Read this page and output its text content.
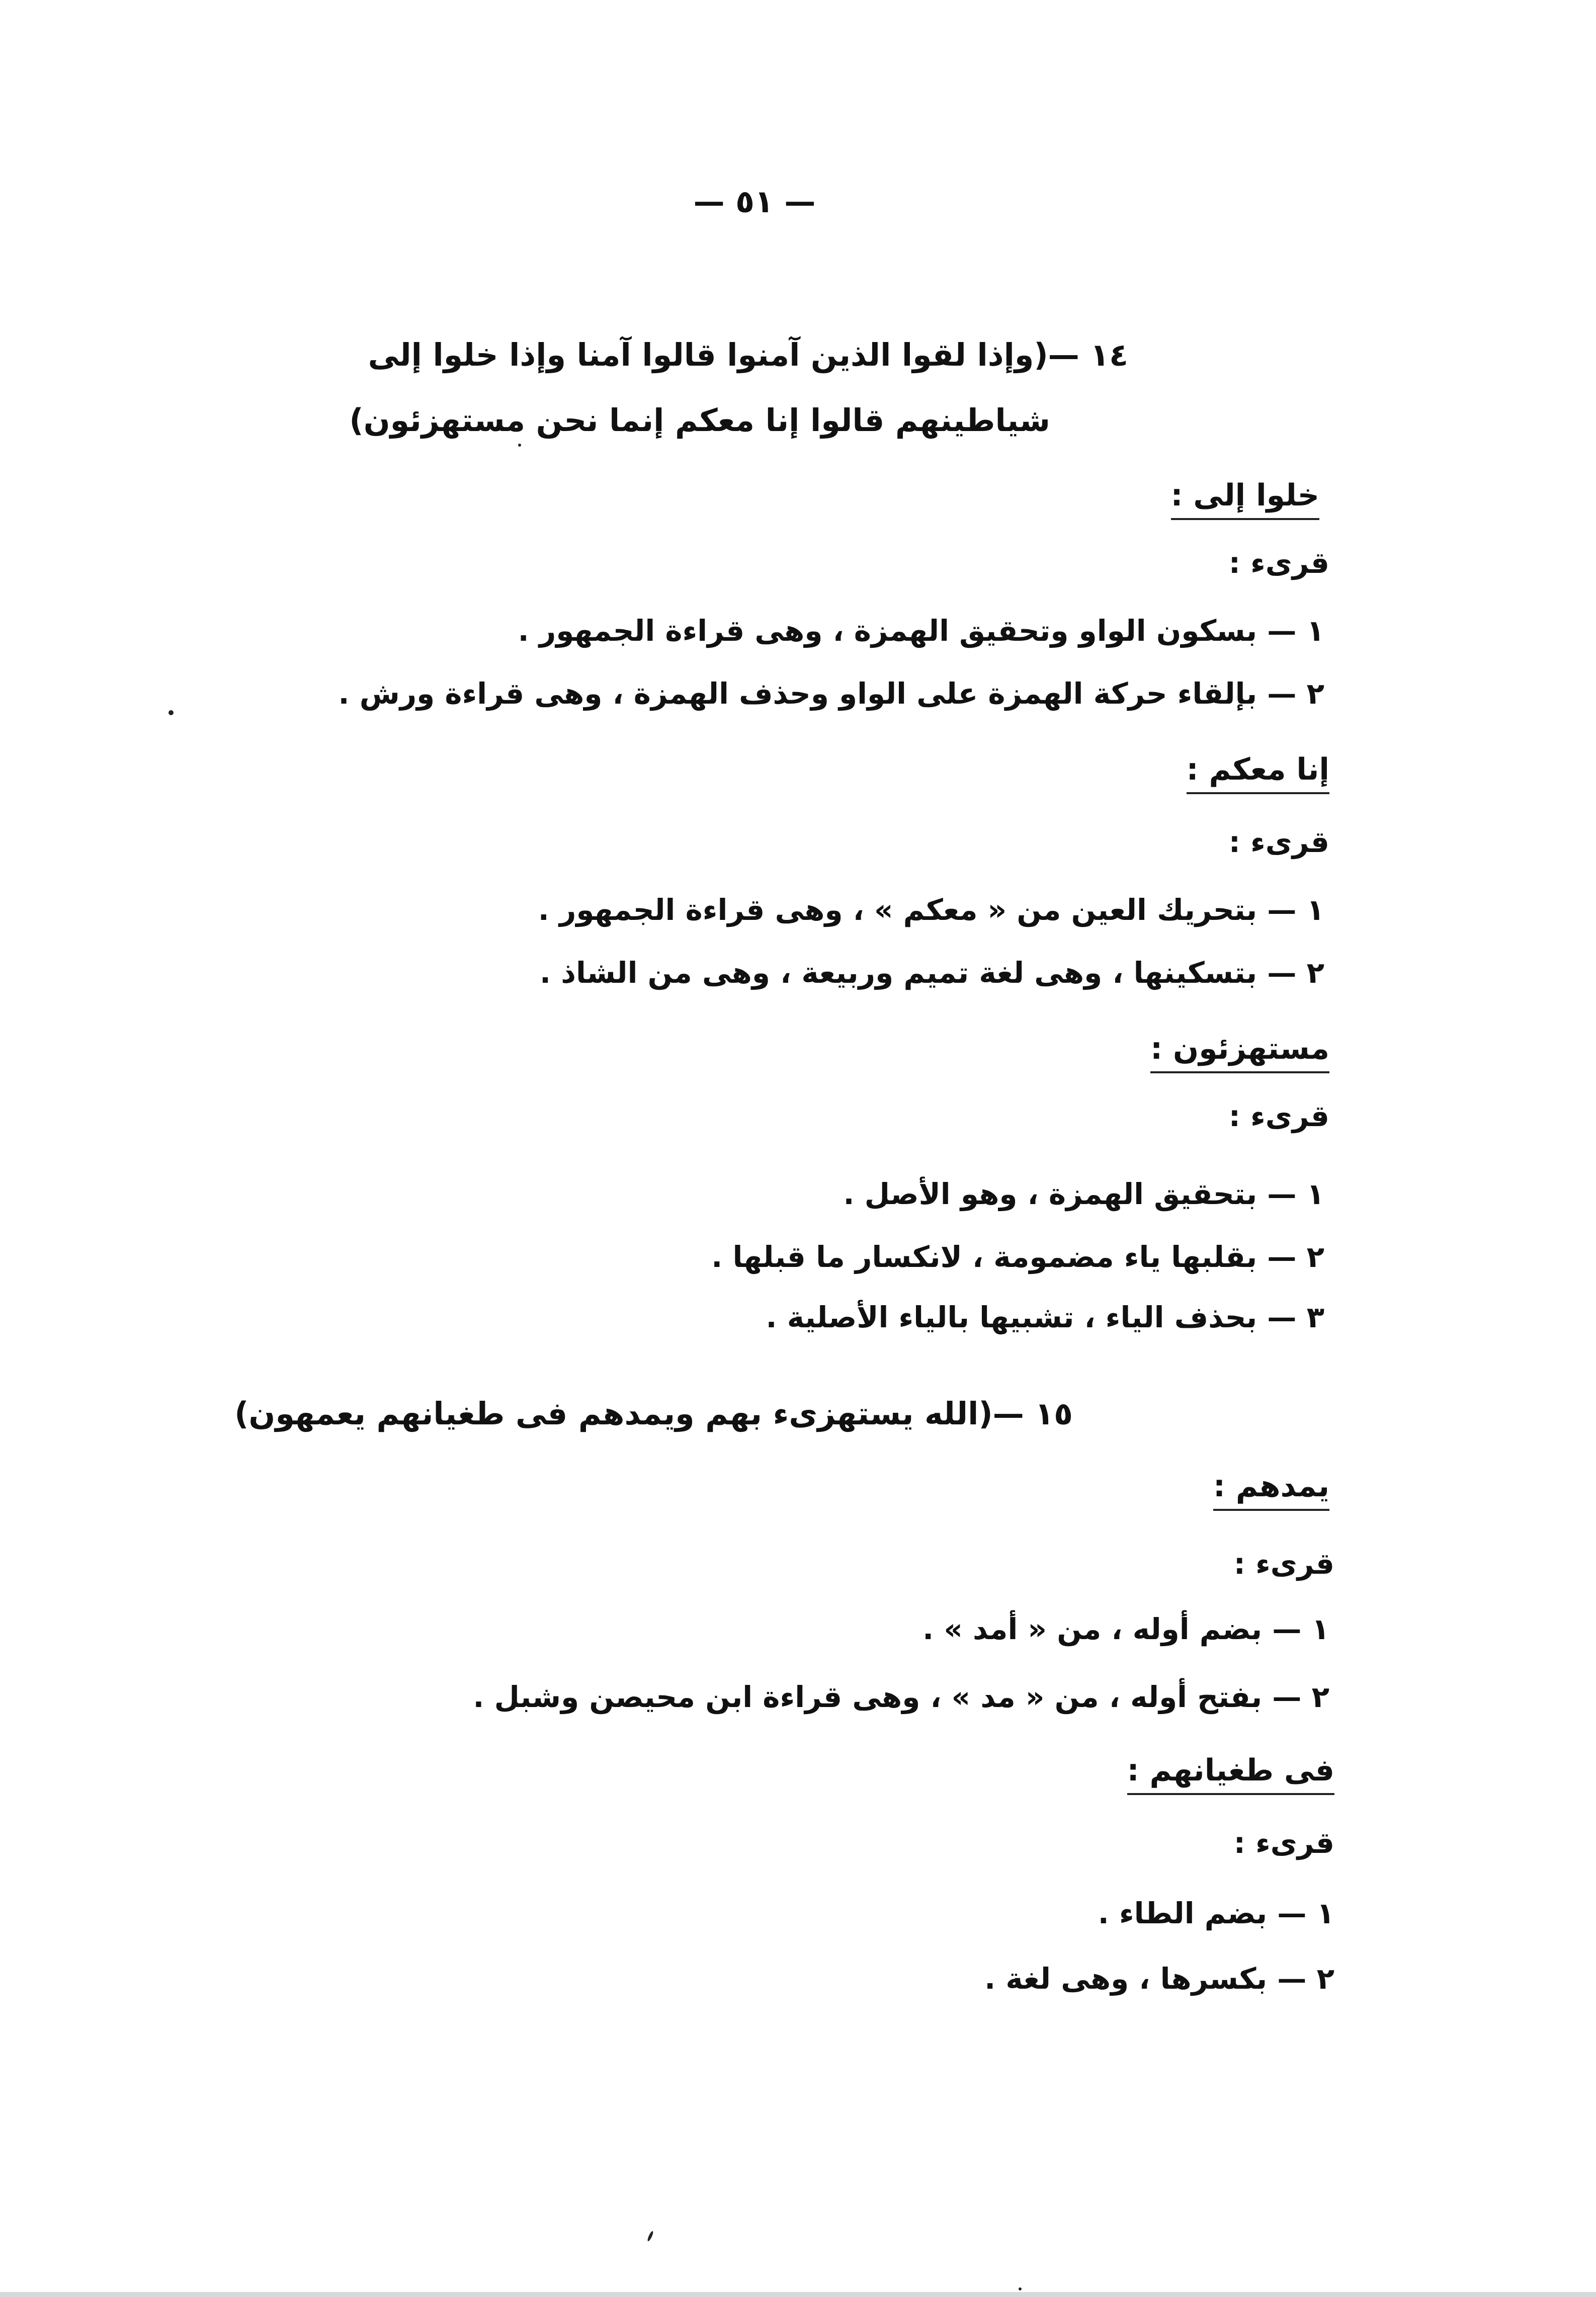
— ٥١ —
١٤ —(وإذا لقوا الذين آمنوا قالوا آمنا وإذا خلوا إلى
شياطينهم قالوا إنا معكم إنما نحن مستهزئون)
خلوا إلى :
قرىء :
١ — بسكون الواو وتحقيق الهمزة ، وهى قراءة الجمهور .
٢ — بإلقاء حركة الهمزة على الواو وحذف الهمزة ، وهى قراءة ورش .
إنا معكم :
قرىء :
١ — بتحريك العين من « معكم » ، وهى قراءة الجمهور .
٢ — بتسكينها ، وهى لغة تميم وربيعة ، وهى من الشاذ .
مستهزئون :
قرىء :
١ — بتحقيق الهمزة ، وهو الأصل .
٢ — بقلبها ياء مضمومة ، لانكسار ما قبلها .
٣ — بحذف الياء ، تشبيها بالياء الأصلية .
١٥ —(الله يستهزىء بهم ويمدهم فى طغيانهم يعمهون)
يمدهم :
قرىء :
١ — بضم أوله ، من « أمد » .
٢ — بفتح أوله ، من « مد » ، وهى قراءة ابن محيصن وشبل .
فى طغيانهم :
قرىء :
١ — بضم الطاء .
٢ — بكسرها ، وهى لغة .
